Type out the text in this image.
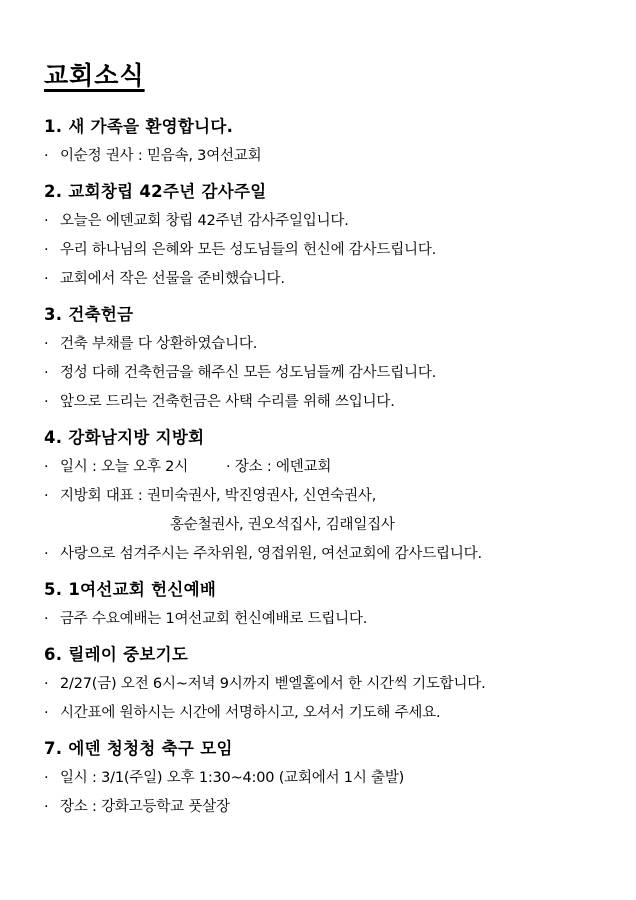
교회소식
1. 새 가족을 환영합니다.
· 이순정 권사 : 믿음속, 3여선교회
2. 교회창립 42주년 감사주일
· 오늘은 에덴교회 창립 42주년 감사주일입니다.
· 우리 하나님의 은혜와 모든 성도님들의 헌신에 감사드립니다.
· 교회에서 작은 선물을 준비했습니다.
3. 건축헌금
· 건축 부채를 다 상환하였습니다.
· 정성 다해 건축헌금을 해주신 모든 성도님들께 감사드립니다.
· 앞으로 드리는 건축헌금은 사택 수리를 위해 쓰입니다.
4. 강화남지방 지방회
· 일시 : 오늘 오후 2시	· 장소 : 에덴교회
· 지방회 대표 : 권미숙권사, 박진영권사, 신연숙권사,
홍순철권사, 권오석집사, 김래일집사
· 사랑으로 섬겨주시는 주차위원, 영접위원, 여선교회에 감사드립니다.
5. 1여선교회 헌신예배
· 금주 수요예배는 1여선교회 헌신예배로 드립니다.
6. 릴레이 중보기도
· 2/27(금) 오전 6시~저녁 9시까지 벧엘홀에서 한 시간씩 기도합니다.
· 시간표에 원하시는 시간에 서명하시고, 오셔서 기도해 주세요.
7. 에덴 청청청 축구 모임
· 일시 : 3/1(주일) 오후 1:30~4:00 (교회에서 1시 출발)
· 장소 : 강화고등학교 풋살장
